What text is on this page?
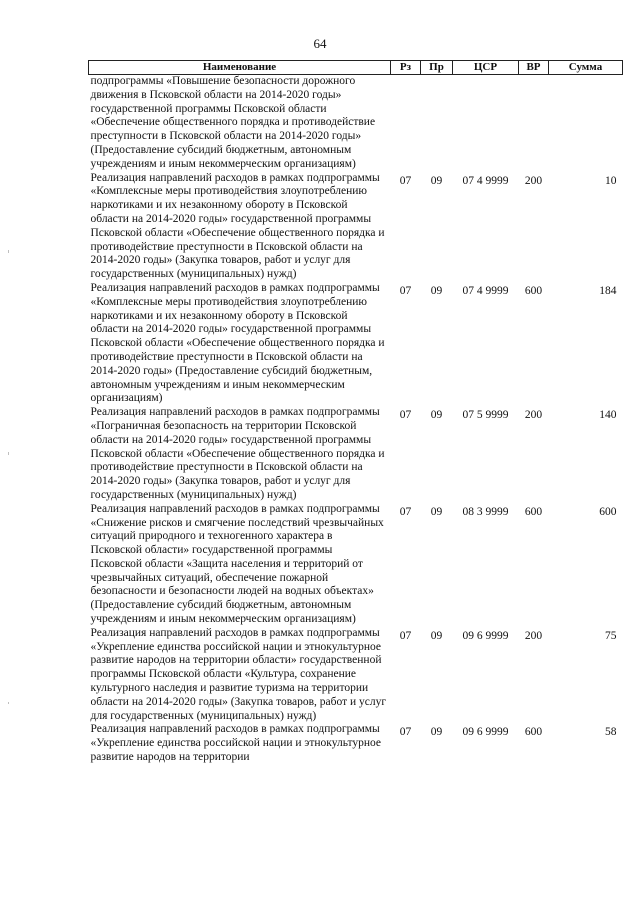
64
Наименование	Рз	Пр	ЦСР	ВР	Сумма
подпрограммы «Повышение безопасности дорожного движения в Псковской области на 2014-2020 годы» государственной программы Псковской области «Обеспечение общественного порядка и противодействие преступности в Псковской области на 2014-2020 годы» (Предоставление субсидий бюджетным, автономным учреждениям и иным некоммерческим организациям)					
Реализация направлений расходов в рамках подпрограммы «Комплексные меры противодействия злоупотреблению наркотиками и их незаконному обороту в Псковской области на 2014-2020 годы» государственной программы Псковской области «Обеспечение общественного порядка и противодействие преступности в Псковской области на 2014-2020 годы» (Закупка товаров, работ и услуг для государственных (муниципальных) нужд)	07	09	07 4 9999	200	10
Реализация направлений расходов в рамках подпрограммы «Комплексные меры противодействия злоупотреблению наркотиками и их незаконному обороту в Псковской области на 2014-2020 годы» государственной программы Псковской области «Обеспечение общественного порядка и противодействие преступности в Псковской области на 2014-2020 годы» (Предоставление субсидий бюджетным, автономным учреждениям и иным некоммерческим организациям)	07	09	07 4 9999	600	184
Реализация направлений расходов в рамках подпрограммы «Пограничная безопасность на территории Псковской области на 2014-2020 годы» государственной программы Псковской области «Обеспечение общественного порядка и противодействие преступности в Псковской области на 2014-2020 годы» (Закупка товаров, работ и услуг для государственных (муниципальных) нужд)	07	09	07 5 9999	200	140
Реализация направлений расходов в рамках подпрограммы «Снижение рисков и смягчение последствий чрезвычайных ситуаций природного и техногенного характера в Псковской области» государственной программы Псковской области «Защита населения и территорий от чрезвычайных ситуаций, обеспечение пожарной безопасности и безопасности людей на водных объектах» (Предоставление субсидий бюджетным, автономным учреждениям и иным некоммерческим организациям)	07	09	08 3 9999	600	600
Реализация направлений расходов в рамках подпрограммы «Укрепление единства российской нации и этнокультурное развитие народов на территории области» государственной программы Псковской области «Культура, сохранение культурного наследия и развитие туризма на территории области на 2014-2020 годы» (Закупка товаров, работ и услуг для государственных (муниципальных) нужд)	07	09	09 6 9999	200	75
Реализация направлений расходов в рамках подпрограммы «Укрепление единства российской нации и этнокультурное развитие народов на территории	07	09	09 6 9999	600	58
